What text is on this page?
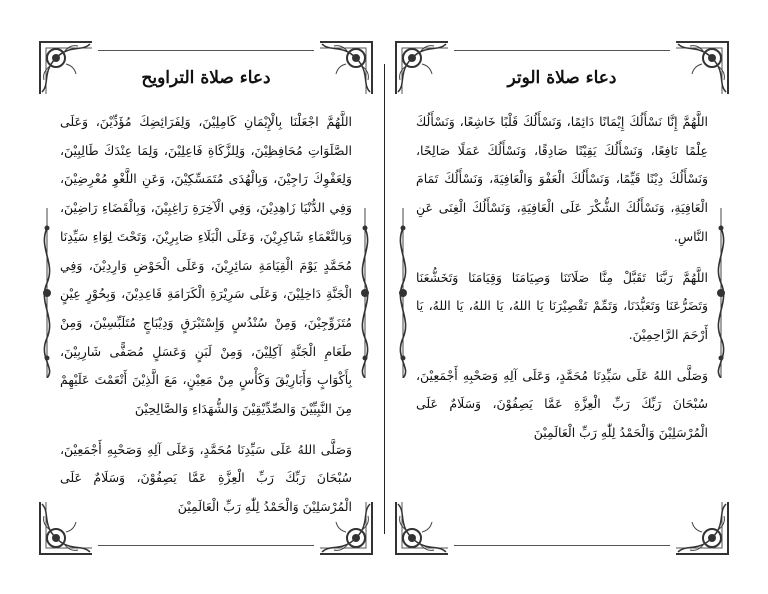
دعاء صلاة التراويح

اللَّهُمَّ اجْعَلْنَا بِالْإِيْمَانِ كَامِلِيْنَ، وَلِفَرَائِضِكَ مُؤَدِّيْنَ، وَعَلَى الصَّلَوَاتِ مُحَافِظِيْنَ، وَلِلزَّكَاةِ فَاعِلِيْنَ، وَلِمَا عِنْدَكَ طَالِبِيْنَ، وَلِعَفْوِكَ رَاجِيْنَ، وَبِالْهُدَى مُتَمَسِّكِيْنَ، وَعَنِ اللَّغْوِ مُعْرِضِيْنَ، وَفِي الدُّنْيَا زَاهِدِيْنَ، وَفِي الْآخِرَةِ رَاغِبِيْنَ، وَبِالْقَضَاءِ رَاضِيْنَ، وَبِالنَّعْمَاءِ شَاكِرِيْنَ، وَعَلَى الْبَلَاءِ صَابِرِيْنَ، وَتَحْتَ لِوَاءِ سَيِّدِنَا مُحَمَّدٍ يَوْمَ الْقِيَامَةِ سَائِرِيْنَ، وَعَلَى الْحَوْضِ وَارِدِيْنَ، وَفِي الْجَنَّةِ دَاخِلِيْنَ، وَعَلَى سَرِيْرَةِ الْكَرَامَةِ قَاعِدِيْنَ، وَبِحُوْرٍ عِيْنٍ مُتَزَوِّجِيْنَ، وَمِنْ سُنْدُسٍ وَإِسْتَبْرَقٍ وَدِيْبَاجٍ مُتَلَبِّسِيْنَ، وَمِنْ طَعَامِ الْجَنَّةِ آكِلِيْنَ، وَمِنْ لَبَنٍ وَعَسَلٍ مُصَفًّى شَارِبِيْنَ، بِأَكْوَابٍ وَأَبَارِيْقَ وَكَأْسٍ مِنْ مَعِيْنٍ، مَعَ الَّذِيْنَ أَنْعَمْتَ عَلَيْهِمْ مِنَ النَّبِيِّيْنَ وَالصِّدِّيْقِيْنَ وَالشُّهَدَاءِ وَالصَّالِحِيْنَ

وَصَلَّى اللهُ عَلَى سَيِّدِنَا مُحَمَّدٍ، وَعَلَى آلِهِ وَصَحْبِهِ أَجْمَعِيْنَ، سُبْحَانَ رَبِّكَ رَبِّ الْعِزَّةِ عَمَّا يَصِفُوْنَ، وَسَلَامٌ عَلَى الْمُرْسَلِيْنَ وَالْحَمْدُ لِلّٰهِ رَبِّ الْعَالَمِيْنَ

دعاء صلاة الوتر

اللَّهُمَّ إِنَّا نَسْأَلُكَ إِيْمَانًا دَائِمًا، وَنَسْأَلُكَ قَلْبًا خَاشِعًا، وَنَسْأَلُكَ عِلْمًا نَافِعًا، وَنَسْأَلُكَ يَقِيْنًا صَادِقًا، وَنَسْأَلُكَ عَمَلًا صَالِحًا، وَنَسْأَلُكَ دِيْنًا قَيِّمًا، وَنَسْأَلُكَ الْعَفْوَ وَالْعَافِيَةَ، وَنَسْأَلُكَ تَمَامَ الْعَافِيَةِ، وَنَسْأَلُكَ الشُّكْرَ عَلَى الْعَافِيَةِ، وَنَسْأَلُكَ الْغِنَى عَنِ النَّاسِ.

اللَّهُمَّ رَبَّنَا تَقَبَّلْ مِنَّا صَلَاتَنَا وَصِيَامَنَا وَقِيَامَنَا وَتَخَشُّعَنَا وَتَضَرُّعَنَا وَتَعَبُّدَنَا، وَتَمِّمْ تَقْصِيْرَنَا يَا اللهُ، يَا اللهُ، يَا اللهُ، يَا أَرْحَمَ الرَّاحِمِيْنَ.

وَصَلَّى اللهُ عَلَى سَيِّدِنَا مُحَمَّدٍ، وَعَلَى آلِهِ وَصَحْبِهِ أَجْمَعِيْنَ، سُبْحَانَ رَبِّكَ رَبِّ الْعِزَّةِ عَمَّا يَصِفُوْنَ، وَسَلَامٌ عَلَى الْمُرْسَلِيْنَ وَالْحَمْدُ لِلّٰهِ رَبِّ الْعَالَمِيْنَ
